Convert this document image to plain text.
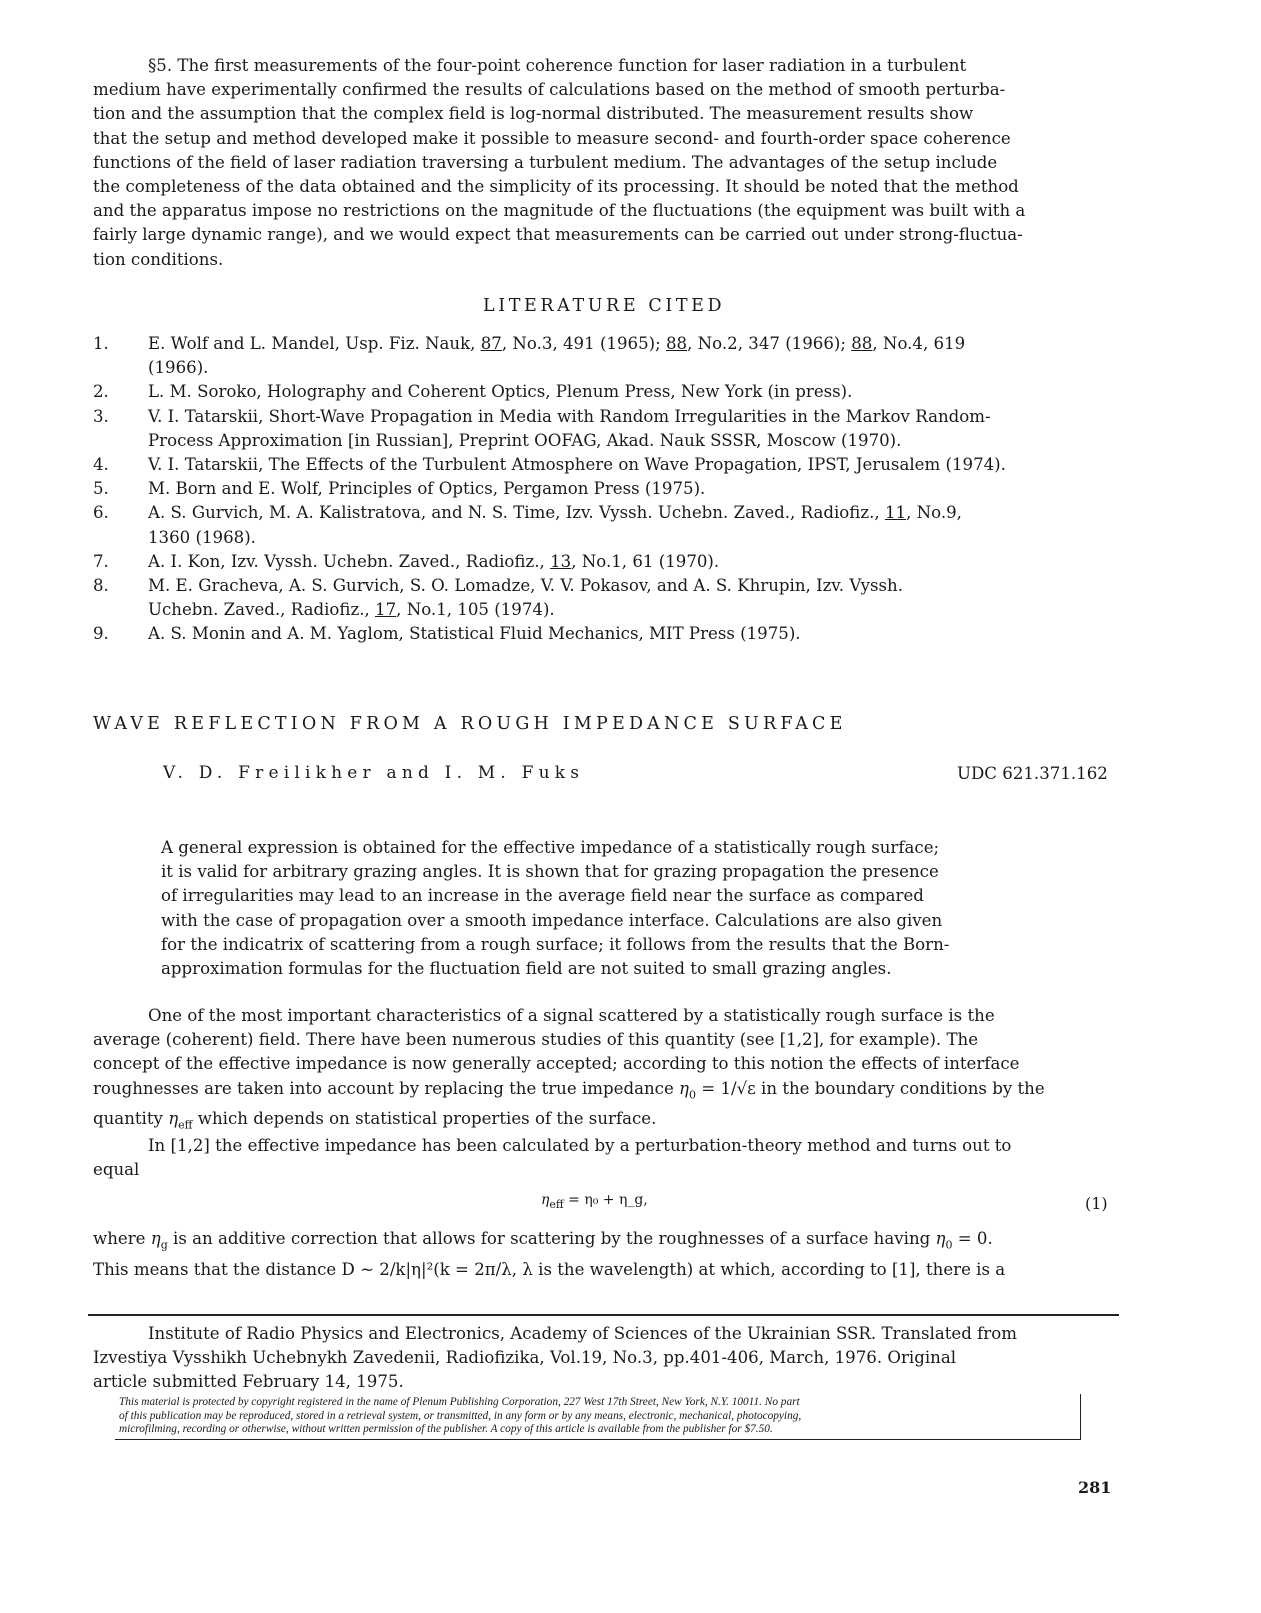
§5. The first measurements of the four-point coherence function for laser radiation in a turbulent

medium have experimentally confirmed the results of calculations based on the method of smooth perturba-

tion and the assumption that the complex field is log-normal distributed. The measurement results show

that the setup and method developed make it possible to measure second- and fourth-order space coherence

functions of the field of laser radiation traversing a turbulent medium. The advantages of the setup include

the completeness of the data obtained and the simplicity of its processing. It should be noted that the method

and the apparatus impose no restrictions on the magnitude of the fluctuations (the equipment was built with a

fairly large dynamic range), and we would expect that measurements can be carried out under strong-fluctua-

tion conditions.

LITERATURE CITED
1. E. Wolf and L. Mandel, Usp. Fiz. Nauk, 87, No.3, 491 (1965); 88, No.2, 347 (1966); 88, No.4, 619
(1966).
2. L. M. Soroko, Holography and Coherent Optics, Plenum Press, New York (in press).
3. V. I. Tatarskii, Short-Wave Propagation in Media with Random Irregularities in the Markov Random-
Process Approximation [in Russian], Preprint OOFAG, Akad. Nauk SSSR, Moscow (1970).
4. V. I. Tatarskii, The Effects of the Turbulent Atmosphere on Wave Propagation, IPST, Jerusalem (1974).
5. M. Born and E. Wolf, Principles of Optics, Pergamon Press (1975).
6. A. S. Gurvich, M. A. Kalistratova, and N. S. Time, Izv. Vyssh. Uchebn. Zaved., Radiofiz., 11, No.9,
1360 (1968).
7. A. I. Kon, Izv. Vyssh. Uchebn. Zaved., Radiofiz., 13, No.1, 61 (1970).
8. M. E. Gracheva, A. S. Gurvich, S. O. Lomadze, V. V. Pokasov, and A. S. Khrupin, Izv. Vyssh.
Uchebn. Zaved., Radiofiz., 17, No.1, 105 (1974).
9. A. S. Monin and A. M. Yaglom, Statistical Fluid Mechanics, MIT Press (1975).
WAVE REFLECTION FROM A ROUGH IMPEDANCE SURFACE
V. D. Freilikher and I. M. Fuks	UDC 621.371.162
A general expression is obtained for the effective impedance of a statistically rough surface;
it is valid for arbitrary grazing angles. It is shown that for grazing propagation the presence
of irregularities may lead to an increase in the average field near the surface as compared
with the case of propagation over a smooth impedance interface. Calculations are also given
for the indicatrix of scattering from a rough surface; it follows from the results that the Born-
approximation formulas for the fluctuation field are not suited to small grazing angles.

One of the most important characteristics of a signal scattered by a statistically rough surface is the

average (coherent) field. There have been numerous studies of this quantity (see [1,2], for example). The

concept of the effective impedance is now generally accepted; according to this notion the effects of interface

roughnesses are taken into account by replacing the true impedance $\eta_0 = 1/√\varepsilon$ in the boundary conditions by the

quantity $\eta_{eff}$ which depends on statistical properties of the surface.

In [1,2] the effective impedance has been calculated by a perturbation-theory method and turns out to

equal

$\eta_{eff} = \eta_0$ + η_g,	(1)

where $\eta_g$ is an additive correction that allows for scattering by the roughnesses of a surface having $\eta_0 = 0$.

This means that the distance D ~ 2/k|η|²(k = 2π/λ, λ is the wavelength) at which, according to [1], there is a

Institute of Radio Physics and Electronics, Academy of Sciences of the Ukrainian SSR. Translated from

Izvestiya Vysshikh Uchebnykh Zavedenii, Radiofizika, Vol.19, No.3, pp.401-406, March, 1976. Original

article submitted February 14, 1975.

This material is protected by copyright registered in the name of Plenum Publishing Corporation, 227 West 17th Street, New York, N.Y. 10011. No part
of this publication may be reproduced, stored in a retrieval system, or transmitted, in any form or by any means, electronic, mechanical, photocopying,
microfilming, recording or otherwise, without written permission of the publisher. A copy of this article is available from the publisher for $7.50.
281
